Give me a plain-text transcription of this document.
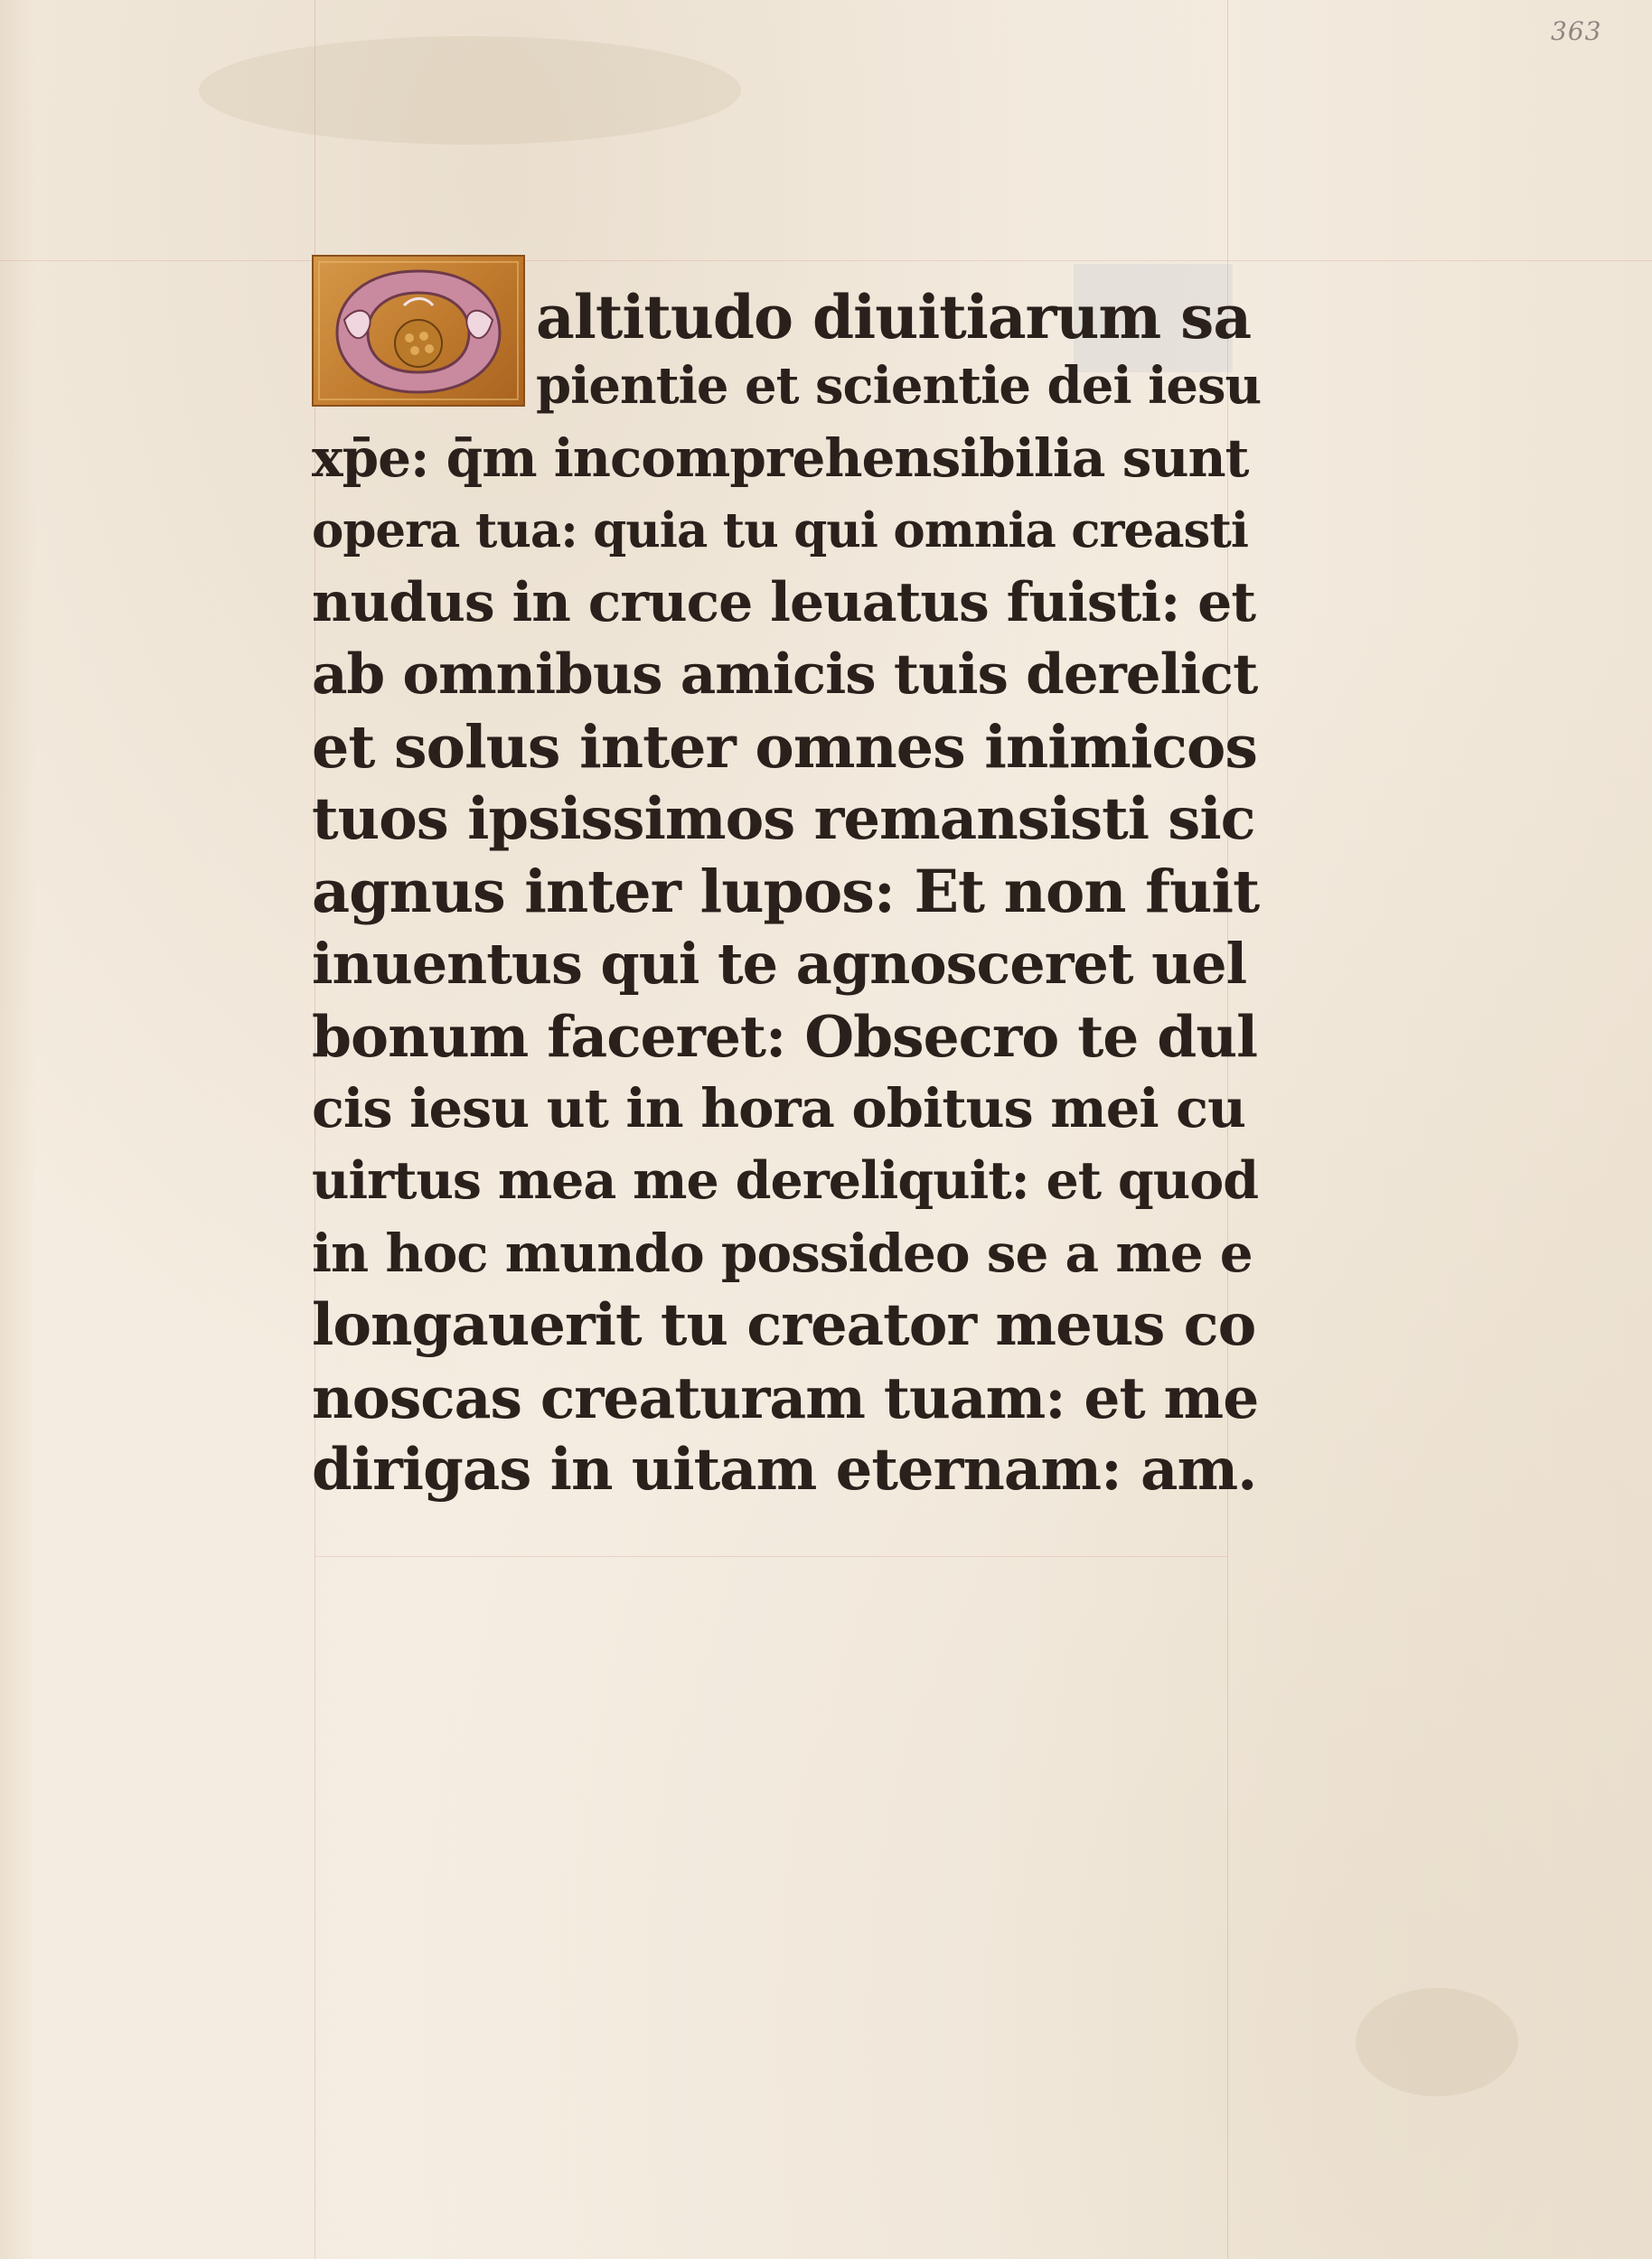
363
altitudo diuitiarum sa
pientie et scientie dei iesu
xp̄e: q̄m incomprehensibilia sunt
opera tua: quia tu qui omnia creasti
nudus in cruce leuatus fuisti: et
ab omnibus amicis tuis derelict
et solus inter omnes inimicos
tuos ipsissimos remansisti sic
agnus inter lupos: Et non fuit
inuentus qui te agnosceret uel
bonum faceret: Obsecro te dul
cis iesu ut in hora obitus mei cu
uirtus mea me dereliquit: et quod
in hoc mundo possideo se a me e
longauerit tu creator meus co
noscas creaturam tuam: et me
dirigas in uitam eternam: am.
